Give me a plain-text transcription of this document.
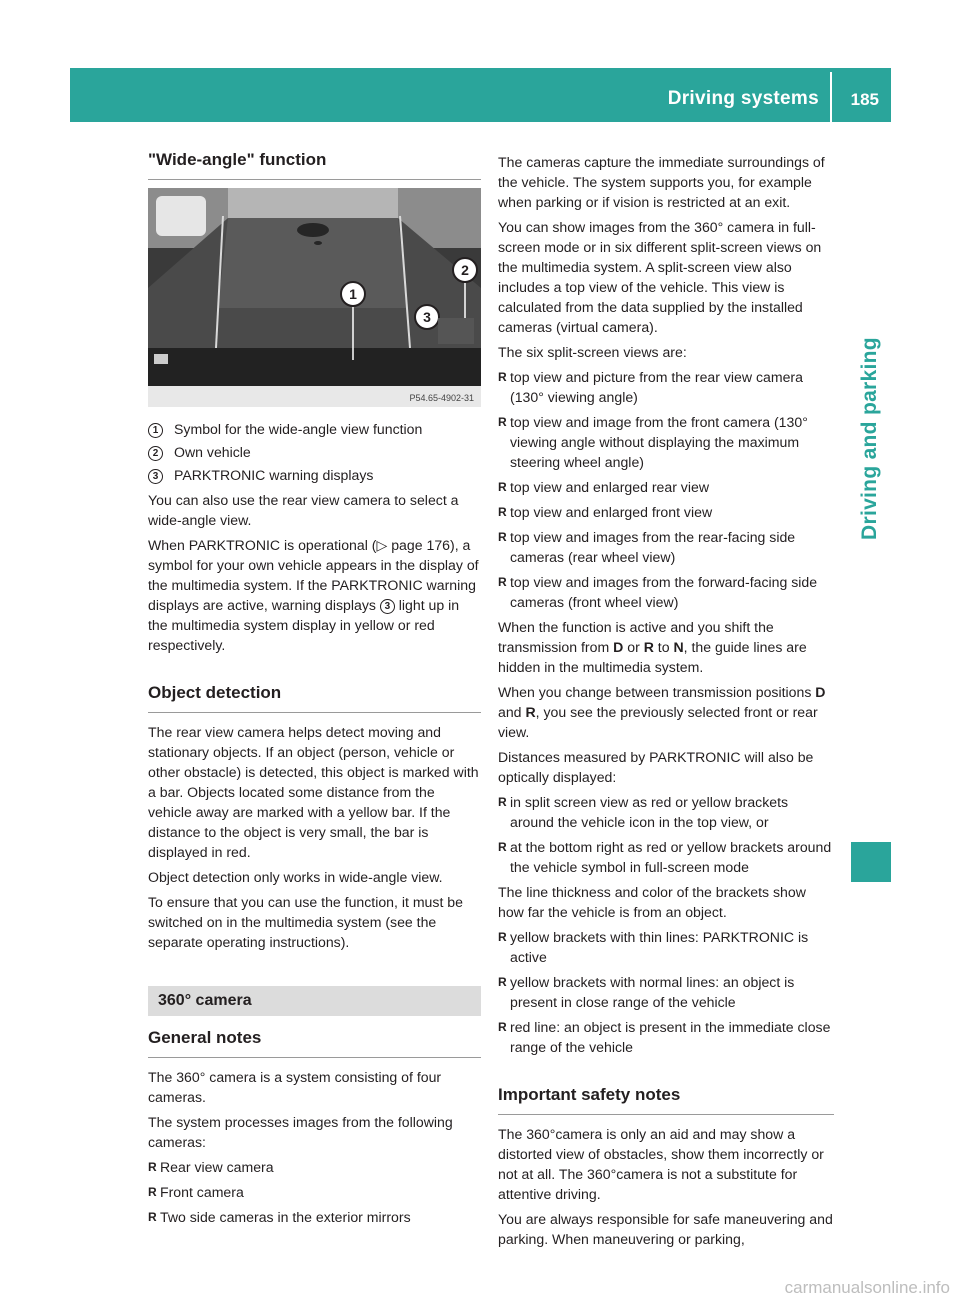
Driving systems 185
Driving and parking
"Wide-angle" function
1
2
3
P54.65-4902-31
1	Symbol for the wide-angle view function
2	Own vehicle
3	PARKTRONIC warning displays

You can also use the rear view camera to select a wide-angle view.

When PARKTRONIC is operational (▷ page 176), a symbol for your own vehicle appears in the display of the multimedia system. If the PARKTRONIC warning displays are active, warning displays 3 light up in the multimedia system display in yellow or red respectively.

Object detection

The rear view camera helps detect moving and stationary objects. If an object (person, vehicle or other obstacle) is detected, this object is marked with a bar. Objects located some distance from the vehicle away are marked with a yellow bar. If the distance to the object is very small, the bar is displayed in red.

Object detection only works in wide-angle view.

To ensure that you can use the function, it must be switched on in the multimedia system (see the separate operating instructions).

360° camera
General notes

The 360° camera is a system consisting of four cameras.

The system processes images from the following cameras:

R Rear view camera
R Front camera
R Two side cameras in the exterior mirrors

The cameras capture the immediate surroundings of the vehicle. The system supports you, for example when parking or if vision is restricted at an exit.

You can show images from the 360° camera in full-screen mode or in six different split-screen views on the multimedia system. A split-screen view also includes a top view of the vehicle. This view is calculated from the data supplied by the installed cameras (virtual camera).

The six split-screen views are:

R top view and picture from the rear view camera (130° viewing angle)
R top view and image from the front camera (130° viewing angle without displaying the maximum steering wheel angle)
R top view and enlarged rear view
R top view and enlarged front view
R top view and images from the rear-facing side cameras (rear wheel view)
R top view and images from the forward-facing side cameras (front wheel view)

When the function is active and you shift the transmission from D or R to N, the guide lines are hidden in the multimedia system.

When you change between transmission positions D and R, you see the previously selected front or rear view.

Distances measured by PARKTRONIC will also be optically displayed:

R in split screen view as red or yellow brackets around the vehicle icon in the top view, or
R at the bottom right as red or yellow brackets around the vehicle symbol in full-screen mode

The line thickness and color of the brackets show how far the vehicle is from an object.

R yellow brackets with thin lines: PARKTRONIC is active
R yellow brackets with normal lines: an object is present in close range of the vehicle
R red line: an object is present in the immediate close range of the vehicle
Important safety notes

The 360°camera is only an aid and may show a distorted view of obstacles, show them incorrectly or not at all. The 360°camera is not a substitute for attentive driving.

You are always responsible for safe maneuvering and parking. When maneuvering or parking,

carmanualsonline.info
